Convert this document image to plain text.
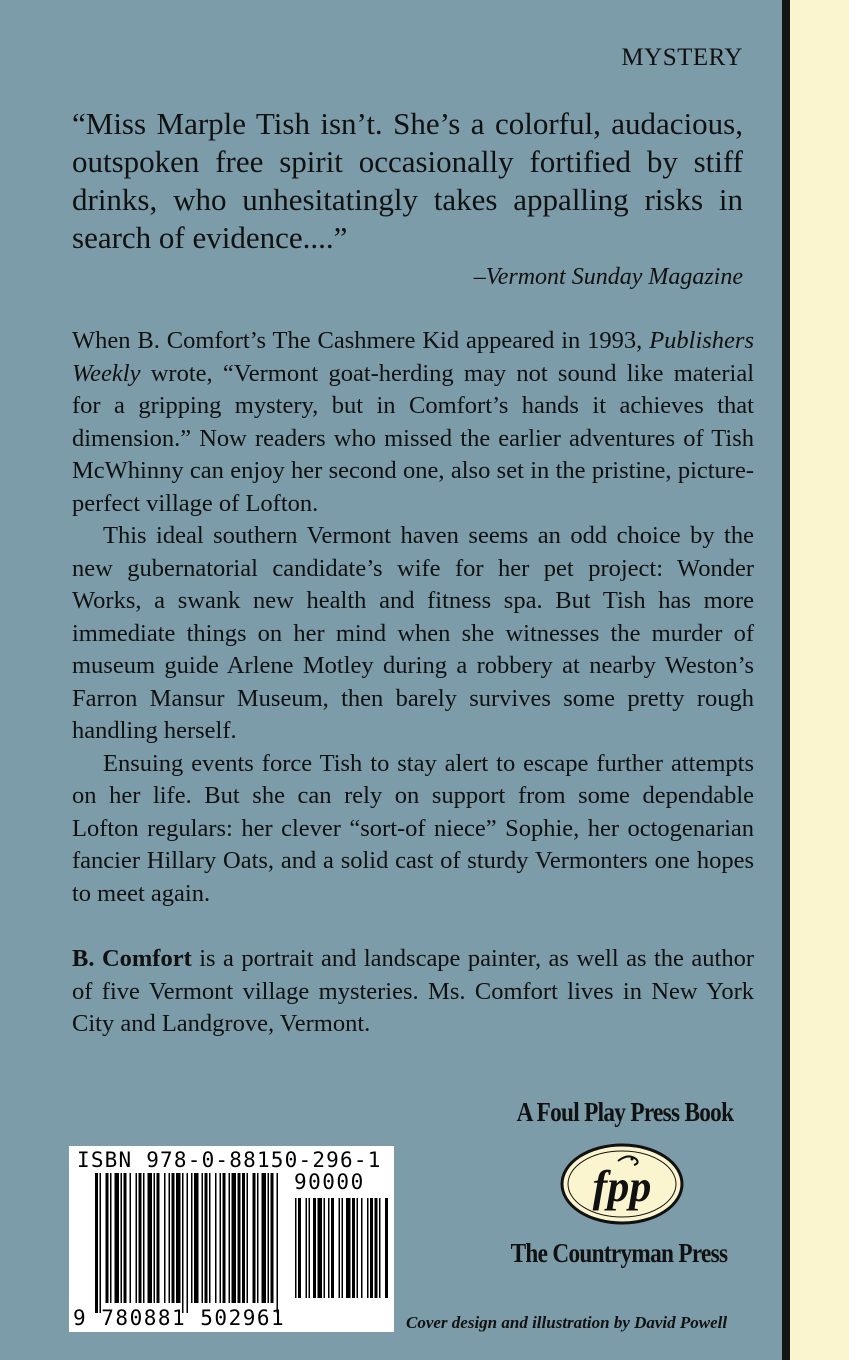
MYSTERY
“Miss Marple Tish isn’t. She’s a colorful, audacious, outspoken free spirit occasionally fortified by stiff drinks, who unhesitatingly takes appalling risks in search of evidence....”
–Vermont Sunday Magazine

When B. Comfort’s The Cashmere Kid appeared in 1993, Publishers Weekly wrote, “Vermont goat-herding may not sound like material for a gripping mystery, but in Comfort’s hands it achieves that dimension.” Now readers who missed the earlier adventures of Tish McWhinny can enjoy her second one, also set in the pristine, picture-perfect village of Lofton.

This ideal southern Vermont haven seems an odd choice by the new gubernatorial candidate’s wife for her pet project: Wonder Works, a swank new health and fitness spa. But Tish has more immediate things on her mind when she witnesses the murder of museum guide Arlene Motley during a robbery at nearby Weston’s Farron Mansur Museum, then barely survives some pretty rough handling herself.

Ensuing events force Tish to stay alert to escape further attempts on her life. But she can rely on support from some dependable Lofton regulars: her clever “sort-of niece” Sophie, her octogenarian fancier Hillary Oats, and a solid cast of sturdy Vermonters one hopes to meet again.

B. Comfort is a portrait and landscape painter, as well as the author of five Vermont village mysteries. Ms. Comfort lives in New York City and Landgrove, Vermont.
A Foul Play Press Book
fpp
The Countryman Press
Cover design and illustration by David Powell
ISBN 978-0-88150-296-1
90000
9 780881 502961
